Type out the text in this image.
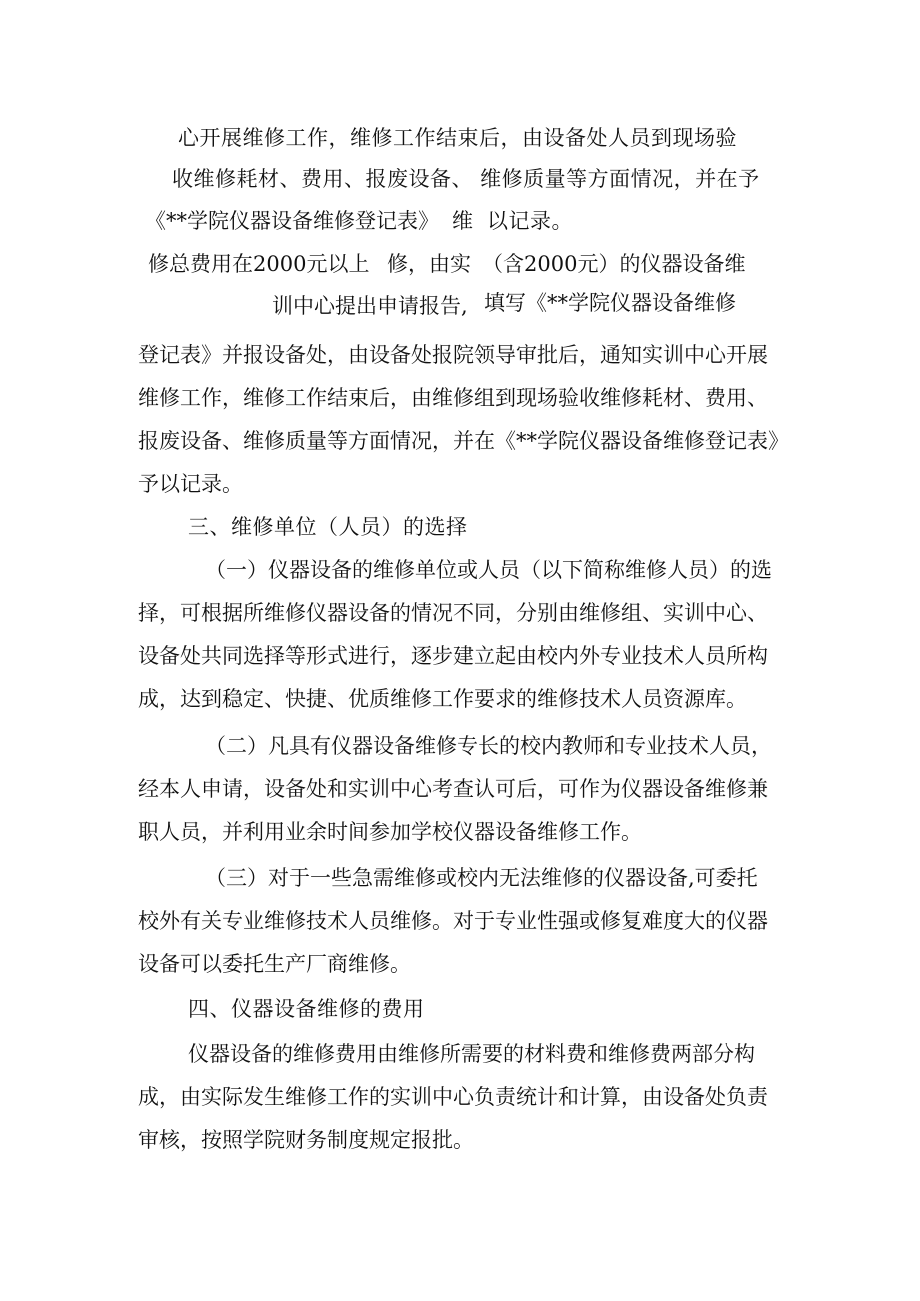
心开展维修工作，维修工作结束后，由设备处人员到现场验
收维修耗材、费用、报废设备、 维修质量等方面情况，并在予
《**学院仪器设备维修登记表》 维 以记录。
修总费用在2000元以上 修，由实 （含2000元）的仪器设备维
训中心提出申请报告, 填写《**学院仪器设备维修
登记表》并报设备处，由设备处报院领导审批后，通知实训中心开展
维修工作，维修工作结束后，由维修组到现场验收维修耗材、费用、
报废设备、维修质量等方面情况，并在《**学院仪器设备维修登记表》
予以记录。
三、维修单位（人员）的选择
（一）仪器设备的维修单位或人员（以下简称维修人员）的选
择，可根据所维修仪器设备的情况不同，分别由维修组、实训中心、
设备处共同选择等形式进行，逐步建立起由校内外专业技术人员所构
成，达到稳定、快捷、优质维修工作要求的维修技术人员资源库。
（二）凡具有仪器设备维修专长的校内教师和专业技术人员，
经本人申请，设备处和实训中心考查认可后，可作为仪器设备维修兼
职人员，并利用业余时间参加学校仪器设备维修工作。
（三）对于一些急需维修或校内无法维修的仪器设备,可委托
校外有关专业维修技术人员维修。对于专业性强或修复难度大的仪器
设备可以委托生产厂商维修。
四、仪器设备维修的费用
仪器设备的维修费用由维修所需要的材料费和维修费两部分构
成，由实际发生维修工作的实训中心负责统计和计算，由设备处负责
审核，按照学院财务制度规定报批。
